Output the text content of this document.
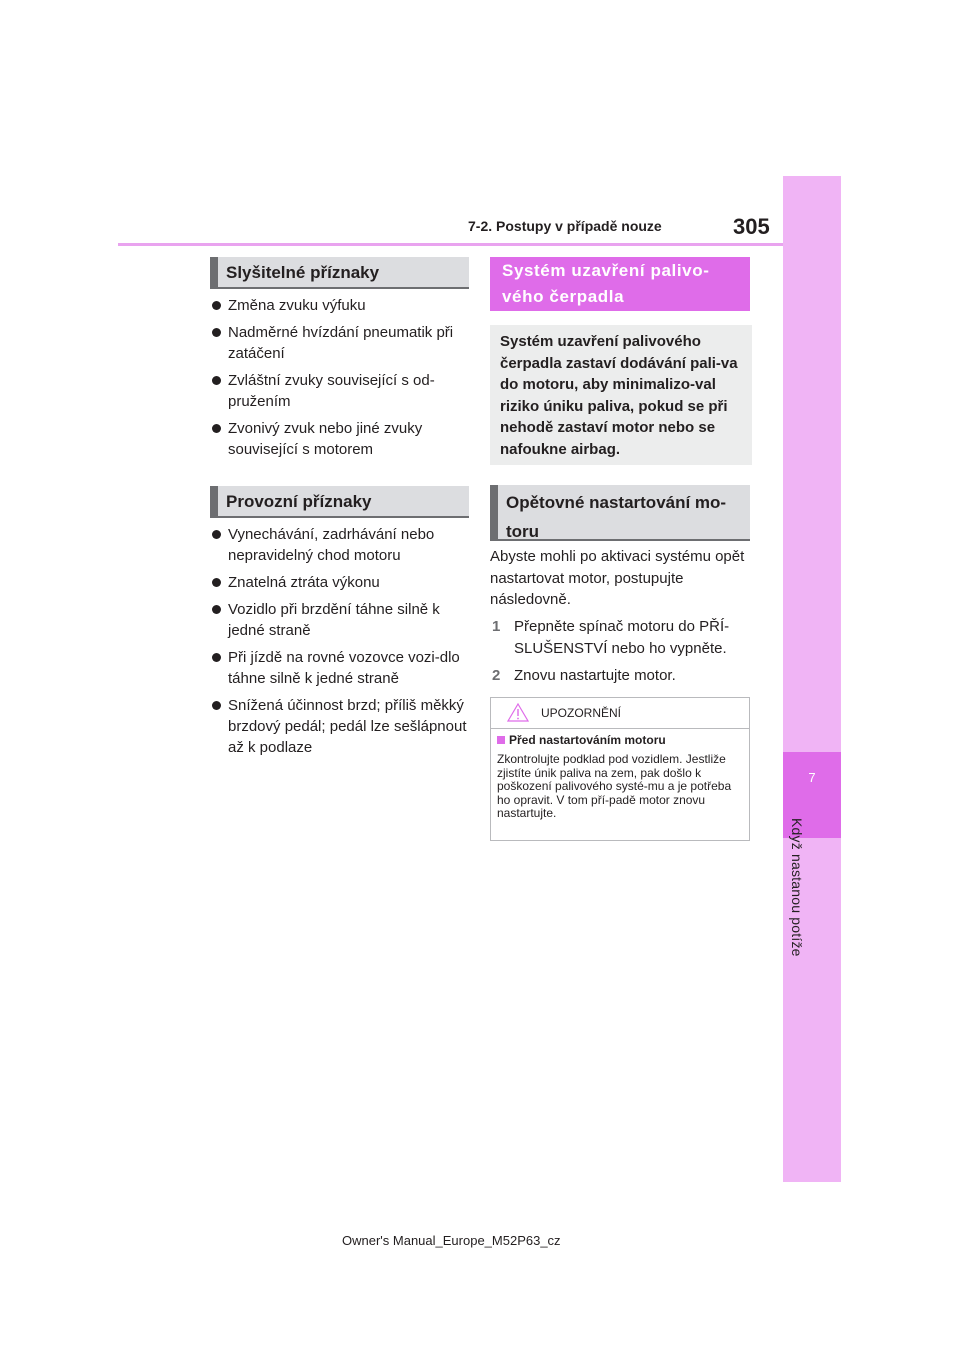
7-2. Postupy v případě nouze	305
7
Když nastanou potíže
Slyšitelné příznaky
Změna zvuku výfuku
Nadměrné hvízdání pneumatik při zatáčení
Zvláštní zvuky související s od-pružením
Zvonivý zvuk nebo jiné zvuky související s motorem
Provozní příznaky
Vynechávání, zadrhávání nebo nepravidelný chod motoru
Znatelná ztráta výkonu
Vozidlo při brzdění táhne silně k jedné straně
Při jízdě na rovné vozovce vozi-dlo táhne silně k jedné straně
Snížená účinnost brzd; příliš měkký brzdový pedál; pedál lze sešlápnout až k podlaze
Systém uzavření palivo-vého čerpadla
Systém uzavření palivového čerpadla zastaví dodávání pali-va do motoru, aby minimalizo-val riziko úniku paliva, pokud se při nehodě zastaví motor nebo se nafoukne airbag.
Opětovné nastartování mo-toru
Abyste mohli po aktivaci systému opět nastartovat motor, postupujte následovně.
1 Přepněte spínač motoru do PŘÍ-SLUŠENSTVÍ nebo ho vypněte.
2 Znovu nastartujte motor.
UPOZORNĚNÍ
Před nastartováním motoru
Zkontrolujte podklad pod vozidlem. Jestliže zjistíte únik paliva na zem, pak došlo k poškození palivového systé-mu a je potřeba ho opravit. V tom pří-padě motor znovu nastartujte.
Owner's Manual_Europe_M52P63_cz
